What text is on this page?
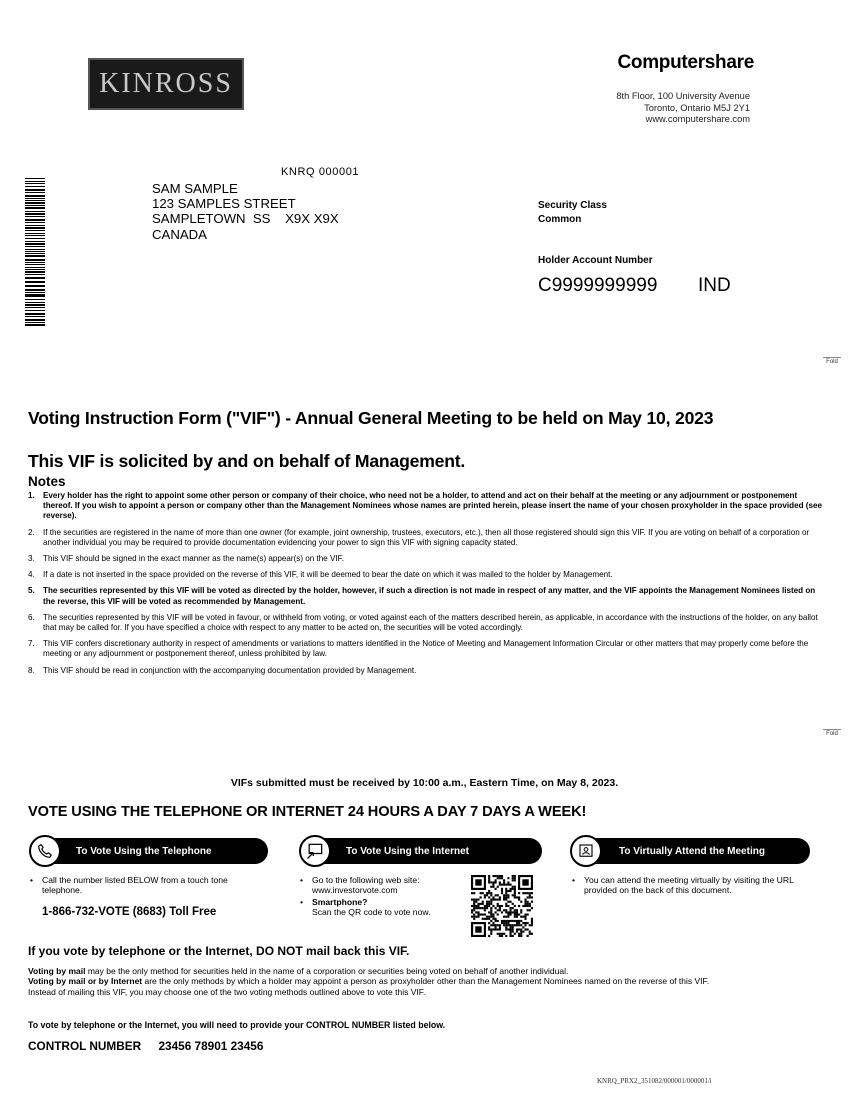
KINROSS
Computershare
8th Floor, 100 University Avenue
Toronto, Ontario M5J 2Y1
www.computershare.com
KNRQ 000001
SAM SAMPLE
123 SAMPLES STREET
SAMPLETOWN  SS    X9X X9X
CANADA
Security Class
Common
Holder Account Number
C9999999999 IND
Fold
Fold
Voting Instruction Form ("VIF") - Annual General Meeting to be held on May 10, 2023
This VIF is solicited by and on behalf of Management.
Notes
1.	Every holder has the right to appoint some other person or company of their choice, who need not be a holder, to attend and act on their behalf at the meeting or any adjournment or postponement thereof. If you wish to appoint a person or company other than the Management Nominees whose names are printed herein, please insert the name of your chosen proxyholder in the space provided (see reverse).
2.	If the securities are registered in the name of more than one owner (for example, joint ownership, trustees, executors, etc.), then all those registered should sign this VIF. If you are voting on behalf of a corporation or another individual you may be required to provide documentation evidencing your power to sign this VIF with signing capacity stated.
3.	This VIF should be signed in the exact manner as the name(s) appear(s) on the VIF.
4.	If a date is not inserted in the space provided on the reverse of this VIF, it will be deemed to bear the date on which it was mailed to the holder by Management.
5.	The securities represented by this VIF will be voted as directed by the holder, however, if such a direction is not made in respect of any matter, and the VIF appoints the Management Nominees listed on the reverse, this VIF will be voted as recommended by Management.
6.	The securities represented by this VIF will be voted in favour, or withheld from voting, or voted against each of the matters described herein, as applicable, in accordance with the instructions of the holder, on any ballot that may be called for. If you have specified a choice with respect to any matter to be acted on, the securities will be voted accordingly.
7.	This VIF confers discretionary authority in respect of amendments or variations to matters identified in the Notice of Meeting and Management Information Circular or other matters that may properly come before the meeting or any adjournment or postponement thereof, unless prohibited by law.
8.	This VIF should be read in conjunction with the accompanying documentation provided by Management.
VIFs submitted must be received by 10:00 a.m., Eastern Time, on May 8, 2023.
VOTE USING THE TELEPHONE OR INTERNET 24 HOURS A DAY 7 DAYS A WEEK!
To Vote Using the Telephone
•	Call the number listed BELOW from a touch tone telephone.
1-866-732-VOTE (8683) Toll Free
To Vote Using the Internet
•	Go to the following web site:
www.investorvote.com
•	Smartphone?
Scan the QR code to vote now.
To Virtually Attend the Meeting
•	You can attend the meeting virtually by visiting the URL provided on the back of this document.
If you vote by telephone or the Internet, DO NOT mail back this VIF.
Voting by mail may be the only method for securities held in the name of a corporation or securities being voted on behalf of another individual.
Voting by mail or by Internet are the only methods by which a holder may appoint a person as proxyholder other than the Management Nominees named on the reverse of this VIF.
Instead of mailing this VIF, you may choose one of the two voting methods outlined above to vote this VIF.
To vote by telephone or the Internet, you will need to provide your CONTROL NUMBER listed below.
CONTROL NUMBER 23456 78901 23456
KNRQ_PRX2_351082/000001/000001/i
